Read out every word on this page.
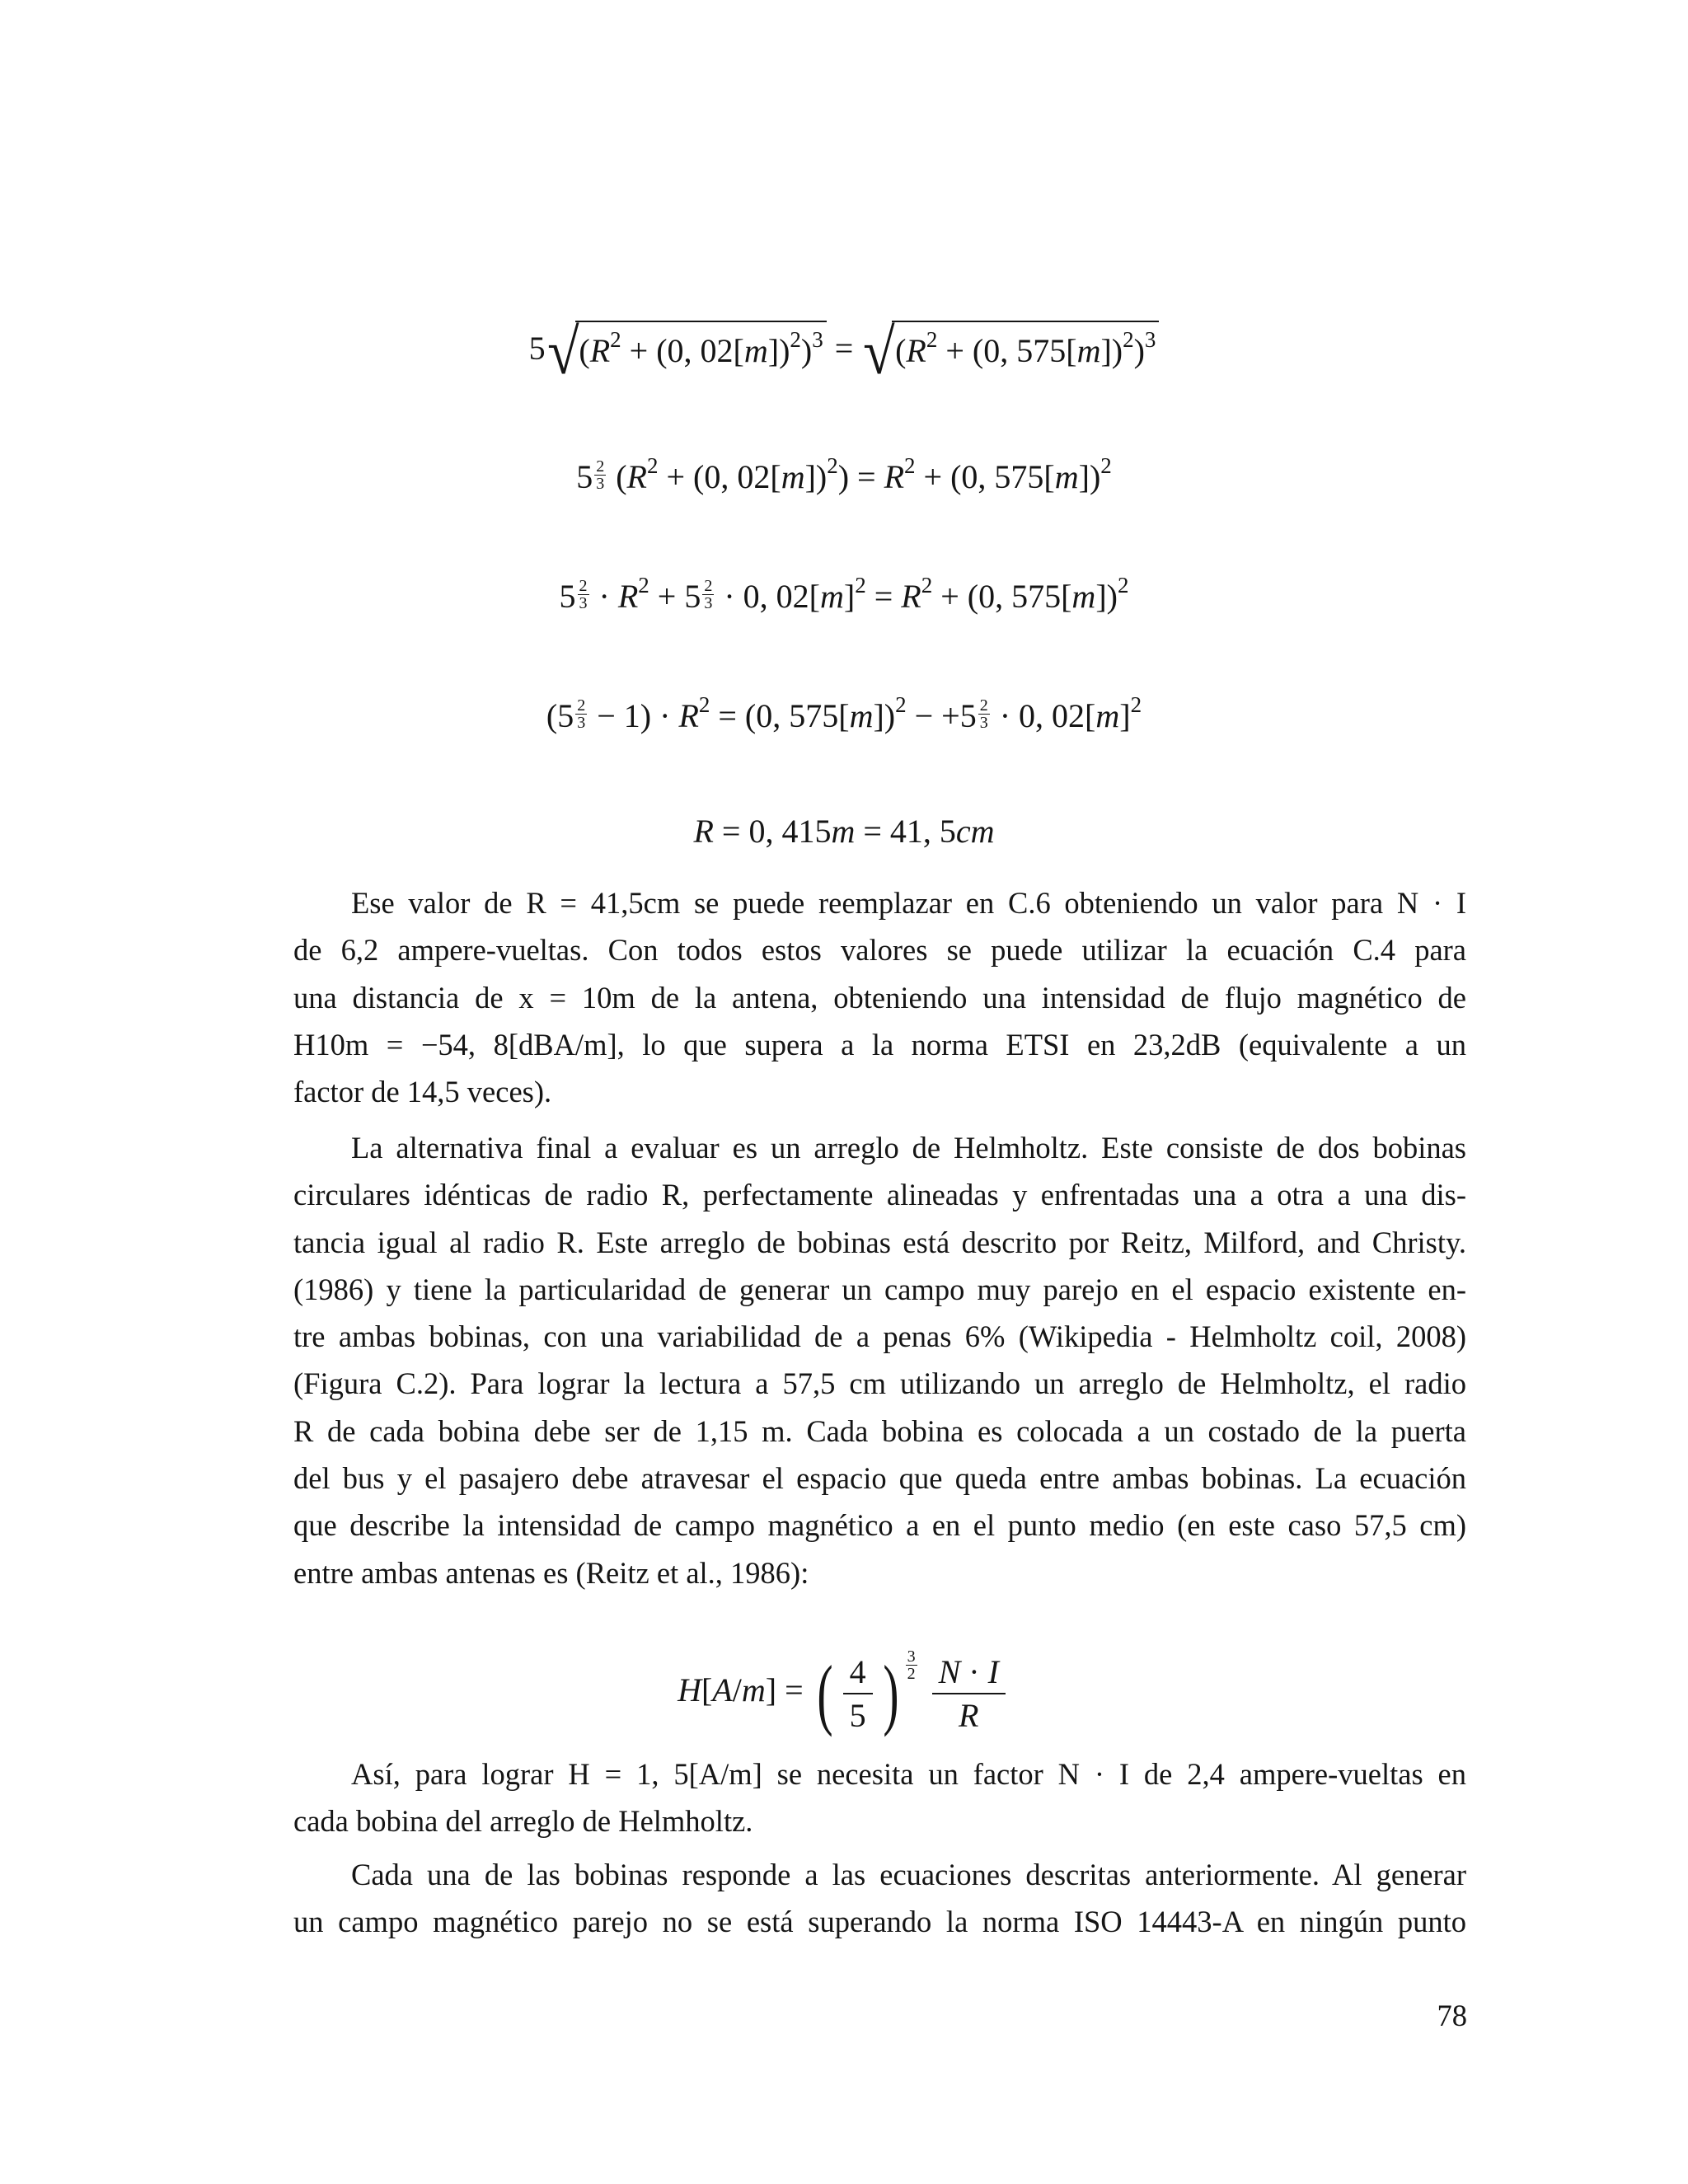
$5√(R^2 + (0$, $02[m])^2)^3 = √(R^2 + (0$, 575[m])$^2$)$^3$
$5 \frac{2}{3} (R^2 + (0$, $02[m])^2) = R^2 + (0$, 575[m])$^2$
$5 \frac{2}{3} \cdot R^2 + 5 \frac{2}{3} \cdot 0$, $02[m]^2 = R^2 + (0$, 575[m])$^2$
$(5 \frac{2}{3} - 1) \cdot R^2 = (0$, $575[m])^2 - +5 \frac{2}{3} \cdot 0$, $02[m]^2$
R = 0, 415m = 41, 5cm
Ese valor de R = 41,5cm se puede reemplazar en C.6 obteniendo un valor para N · I
de 6,2 ampere-vueltas. Con todos estos valores se puede utilizar la ecuación C.4 para
una distancia de x = 10m de la antena, obteniendo una intensidad de flujo magnético de
H10m = −54, 8[dBA/m], lo que supera a la norma ETSI en 23,2dB (equivalente a un
factor de 14,5 veces).
La alternativa final a evaluar es un arreglo de Helmholtz. Este consiste de dos bobinas
circulares idénticas de radio R, perfectamente alineadas y enfrentadas una a otra a una dis-
tancia igual al radio R. Este arreglo de bobinas está descrito por Reitz, Milford, and Christy.
(1986) y tiene la particularidad de generar un campo muy parejo en el espacio existente en-
tre ambas bobinas, con una variabilidad de a penas 6% (Wikipedia - Helmholtz coil, 2008)
(Figura C.2). Para lograr la lectura a 57,5 cm utilizando un arreglo de Helmholtz, el radio
R de cada bobina debe ser de 1,15 m. Cada bobina es colocada a un costado de la puerta
del bus y el pasajero debe atravesar el espacio que queda entre ambas bobinas. La ecuación
que describe la intensidad de campo magnético a en el punto medio (en este caso 57,5 cm)
entre ambas antenas es (Reitz et al., 1986):
H[A/m] = ( $\frac{4}{5}$ ) $\frac{3}{2}$
$\frac{N \cdot I}{R}$
Así, para lograr H = 1, 5[A/m] se necesita un factor N · I de 2,4 ampere-vueltas en
cada bobina del arreglo de Helmholtz.
Cada una de las bobinas responde a las ecuaciones descritas anteriormente. Al generar
un campo magnético parejo no se está superando la norma ISO 14443-A en ningún punto
78
